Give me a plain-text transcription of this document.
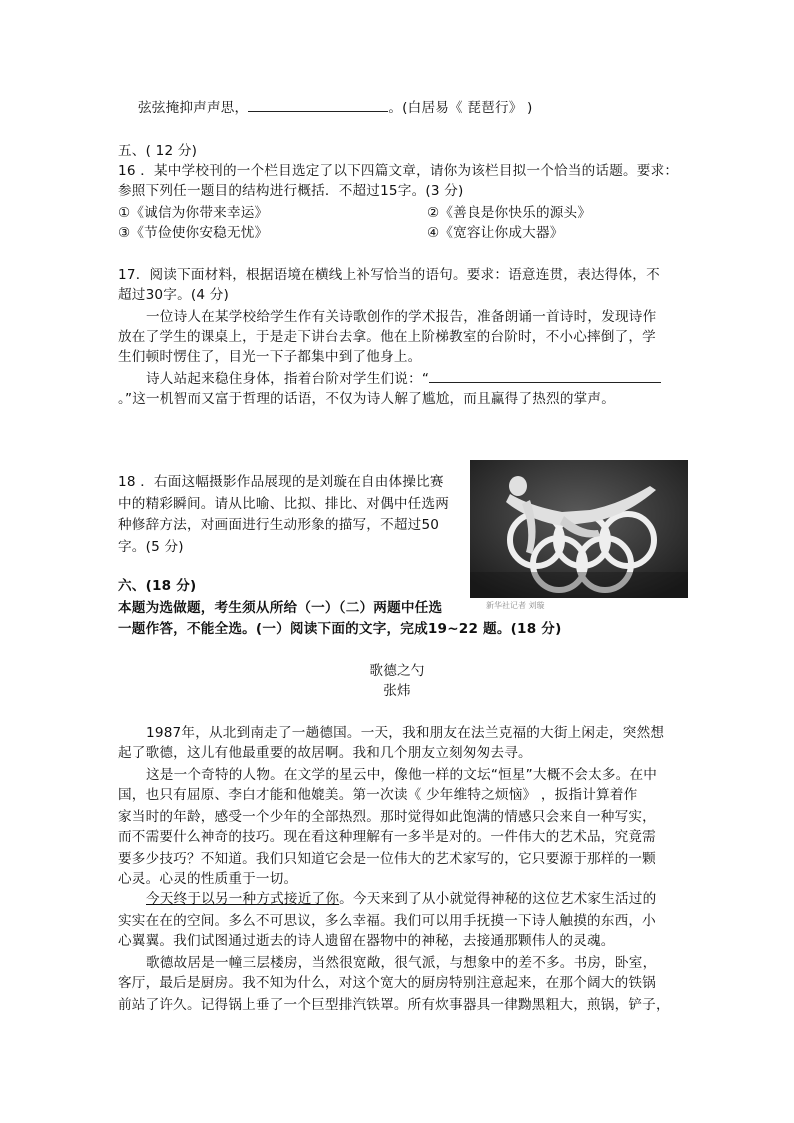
弦弦掩抑声声思，	。(白居易《 琵琶行》 )
五、( 12 分)
16 ．某中学校刊的一个栏目选定了以下四篇文章，请你为该栏目拟一个恰当的话题。要求：
参照下列任一题目的结构进行概括．不超过15字。(3 分)
①《诚信为你带来幸运》	②《善良是你快乐的源头》
③《节俭使你安稳无忧》	④《宽容让你成大器》
17．阅读下面材料，根据语境在横线上补写恰当的语句。要求：语意连贯，表达得体，不
超过30字。(4 分)
一位诗人在某学校给学生作有关诗歌创作的学术报告，准备朗诵一首诗时，发现诗作
放在了学生的课桌上，于是走下讲台去拿。他在上阶梯教室的台阶时，不小心摔倒了，学
生们顿时愣住了，目光一下子都集中到了他身上。
诗人站起来稳住身体，指着台阶对学生们说：“
。”这一机智而又富于哲理的话语，不仅为诗人解了尴尬，而且赢得了热烈的掌声。
18 ．右面这幅摄影作品展现的是刘璇在自由体操比赛
中的精彩瞬间。请从比喻、比拟、排比、对偶中任选两
种修辞方法，对画面进行生动形象的描写，不超过50
字。(5 分)
新华社记者 刘璇
六、(18 分)
本题为选做题，考生须从所给（一）（二）两题中任选
一题作答，不能全选。(一）阅读下面的文字，完成19~22 题。(18 分)
歌德之勺
张炜
1987年，从北到南走了一趟德国。一天，我和朋友在法兰克福的大街上闲走，突然想
起了歌德，这儿有他最重要的故居啊。我和几个朋友立刻匆匆去寻。
这是一个奇特的人物。在文学的星云中，像他一样的文坛“恒星”大概不会太多。在中
国，也只有屈原、李白才能和他媲美。第一次读《 少年维特之烦恼》 ，扳指计算着作
家当时的年龄，感受一个少年的全部热烈。那时觉得如此饱满的情感只会来自一种写实，
而不需要什么神奇的技巧。现在看这种理解有一多半是对的。一件伟大的艺术品，究竟需
要多少技巧？不知道。我们只知道它会是一位伟大的艺术家写的，它只要源于那样的一颗
心灵。心灵的性质重于一切。
今天终于以另一种方式接近了你。今天来到了从小就觉得神秘的这位艺术家生活过的
实实在在的空间。多么不可思议，多么幸福。我们可以用手抚摸一下诗人触摸的东西，小
心翼翼。我们试图通过逝去的诗人遗留在器物中的神秘，去接通那颗伟人的灵魂。
歌德故居是一幢三层楼房，当然很宽敞，很气派，与想象中的差不多。书房，卧室，
客厅，最后是厨房。我不知为什么，对这个宽大的厨房特别注意起来，在那个阔大的铁锅
前站了许久。记得锅上垂了一个巨型排汽铁罩。所有炊事器具一律黝黑粗大，煎锅，铲子，
